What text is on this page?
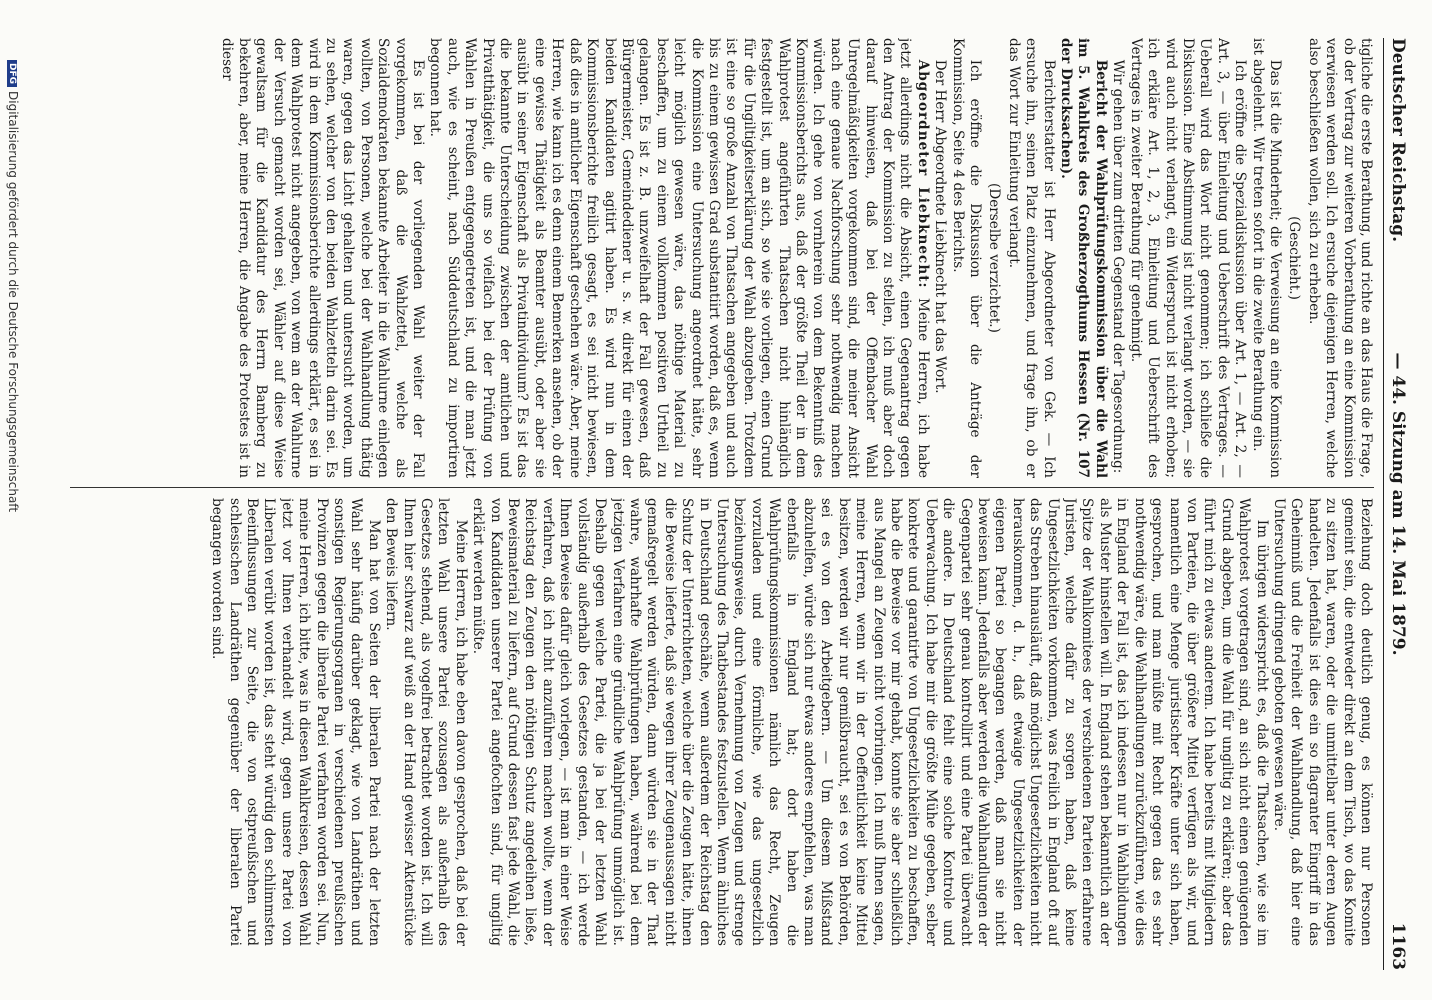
Deutscher Reichstag.
— 44. Sitzung am 14. Mai 1879.
1163

tigliche die erste Berathung, und richte an das Haus die Frage, ob der Vertrag zur weiteren Vorberathung an eine Kommission verwiesen werden soll. Ich ersuche diejenigen Herren, welche also beschließen wollen, sich zu erheben.

(Geschieht.)

Das ist die Minderheit; die Verweisung an eine Kommission ist abgelehnt. Wir treten sofort in die zweite Berathung ein.

Ich eröffne die Spezialdiskussion über Art. 1, — Art. 2, — Art. 3, — über Einleitung und Ueberschrift des Vertrages. — Ueberall wird das Wort nicht genommen; ich schließe die Diskussion. Eine Abstimmung ist nicht verlangt worden, — sie wird auch nicht verlangt, ein Widerspruch ist nicht erhoben; ich erkläre Art. 1, 2, 3, Einleitung und Ueberschrift des Vertrages in zweiter Berathung für genehmigt.

Wir gehen über zum dritten Gegenstand der Tagesordnung:

Bericht der Wahlprüfungskommission über die Wahl im 5. Wahlkreis des Großherzogthums Hessen (Nr. 107 der Drucksachen).

Berichterstatter ist Herr Abgeordneter von Gek. — Ich ersuche ihn, seinen Platz einzunehmen, und frage ihn, ob er das Wort zur Einleitung verlangt.

(Derselbe verzichtet.)

Ich eröffne die Diskussion über die Anträge der Kommission, Seite 4 des Berichts.

Der Herr Abgeordnete Liebknecht hat das Wort.

Abgeordneter Liebknecht: Meine Herren, ich habe jetzt allerdings nicht die Absicht, einen Gegenantrag gegen den Antrag der Kommission zu stellen, ich muß aber doch darauf hinweisen, daß bei der Offenbacher Wahl Unregelmäßigkeiten vorgekommen sind, die meiner Ansicht nach eine genaue Nachforschung sehr nothwendig machen würden. Ich gehe von vornherein von dem Bekenntniß des Kommissionsberichts aus, daß der größte Theil der in dem Wahlprotest angeführten Thatsachen nicht hinlänglich festgestellt ist, um an sich, so wie sie vorliegen, einen Grund für die Ungiltigkeitserklärung der Wahl abzugeben. Trotzdem ist eine so große Anzahl von Thatsachen angegeben und auch bis zu einem gewissen Grad substantiirt worden, daß es, wenn die Kommission eine Untersuchung angeordnet hätte, sehr leicht möglich gewesen wäre, das nöthige Material zu beschaffen, um zu einem vollkommen positiven Urtheil zu gelangen. Es ist z. B. unzweifelhaft der Fall gewesen, daß Bürgermeister, Gemeindediener u. s. w. direkt für einen der beiden Kandidaten agitirt haben. Es wird nun in dem Kommissionsberichte freilich gesagt, es sei nicht bewiesen, daß dies in amtlicher Eigenschaft geschehen wäre. Aber, meine Herren, wie kann ich es denn einem Bemerken ansehen, ob der eine gewisse Thätigkeit als Beamter ausübt, oder aber sie ausübt in seiner Eigenschaft als Privatindividuum? Es ist das die bekannte Unterscheidung zwischen der amtlichen und Privatthätigkeit, die uns so vielfach bei der Prüfung von Wahlen in Preußen entgegengetreten ist, und die man jetzt auch, wie es scheint, nach Süddeutschland zu importiren begonnen hat.

Es ist bei der vorliegenden Wahl weiter der Fall vorgekommen, daß die Wahlzettel, welche als Sozialdemokraten bekannte Arbeiter in die Wahlurne einlegen wollten, von Personen, welche bei der Wahlhandlung thätig waren, gegen das Licht gehalten und untersucht worden, um zu sehen, welcher von den beiden Wahlzetteln darin sei. Es wird in dem Kommissionsberichte allerdings erklärt, es sei in dem Wahlprotest nicht angegeben, von wem an der Wahlurne der Versuch gemacht worden sei, Wähler auf diese Weise gewaltsam für die Kandidatur des Herrn Bamberg zu bekehren, aber, meine Herren, die Angabe des Protestes ist in dieser

Beziehung doch deutlich genug, es können nur Personen gemeint sein, die entweder direkt an dem Tisch, wo das Komite zu sitzen hat, waren, oder die unmittelbar unter deren Augen handelten. Jedenfalls ist dies ein so flagranter Eingriff in das Geheimniß und die Freiheit der Wahlhandlung, daß hier eine Untersuchung dringend geboten gewesen wäre.

Im übrigen widerspricht es, daß die Thatsachen, wie sie im Wahlprotest vorgetragen sind, an sich nicht einen genügenden Grund abgeben, um die Wahl für ungiltig zu erklären; aber das führt mich zu etwas anderem. Ich habe bereits mit Mitgliedern von Parteien, die über größere Mittel verfügen als wir, und namentlich eine Menge juristischer Kräfte unter sich haben, gesprochen, und man müßte mit Recht gegen das es sehr nothwendig wäre, die Wahlhandlungen zurückzuführen, wie dies in England der Fall ist, das ich indessen nur in Wahlbildungen als Muster hinstellen will. In England stehen bekanntlich an der Spitze der Wahlkomitees der verschiedenen Parteien erfahrene Juristen, welche dafür zu sorgen haben, daß keine Ungesetzlichkeiten vorkommen, was freilich in England oft auf das Streben hinausläuft, daß möglichst Ungesetzlichkeiten nicht herauskommen, d. h., daß etwaige Ungesetzlichkeiten der eigenen Partei so begangen werden, daß man sie nicht beweisen kann. Jedenfalls aber werden die Wahlhandlungen der Gegenpartei sehr genau kontrollirt und eine Partei überwacht die andere. In Deutschland fehlt eine solche Kontrole und Ueberwachung. Ich habe mir die größte Mühe gegeben, selber konkrete und garantirte von Ungesetzlichkeiten zu beschaffen, habe die Beweise vor mir gehabt, konnte sie aber schließlich aus Mangel an Zeugen nicht vorbringen. Ich muß Ihnen sagen, meine Herren, wenn wir in der Oeffentlichkeit keine Mittel besitzen, werden wir nur gemißbraucht, sei es von Behörden, sei es von den Arbeitgebern. — Um diesem Mißstand abzuhelfen, würde sich nur etwas anderes empfehlen, was man ebenfalls in England hat; dort haben die Wahlprüfungskommissionen nämlich das Recht, Zeugen vorzuladen und eine förmliche, wie das ungesetzlich beziehungsweise, durch Vernehmung von Zeugen und strenge Untersuchung des Thatbestandes festzustellen. Wenn ähnliches in Deutschland geschähe, wenn außerdem der Reichstag den Schutz der Unterrichteten, welche über die Zeugen hätte, ihnen die Beweise lieferte, daß sie wegen ihrer Zeugenaussagen nicht gemaßregelt werden würden, dann würden sie in der That wahre, wahrhafte Wahlprüfungen haben, während bei dem jetzigen Verfahren eine gründliche Wahlprüfung unmöglich ist. Deshalb gegen welche Partei, die ja bei der letzten Wahl vollständig außerhalb des Gesetzes gestanden, — ich werde Ihnen Beweise dafür gleich vorlegen, — ist man in einer Weise verfahren, daß ich nicht anzuführen machen wollte, wenn der Reichstag den Zeugen den nöthigen Schutz angedeihen ließe, Beweismaterial zu liefern, auf Grund dessen fast jede Wahl, die von Kandidaten unserer Partei angefochten sind, für ungiltig erklärt werden müßte.

Meine Herren, ich habe eben davon gesprochen, daß bei der letzten Wahl unsere Partei sozusagen als außerhalb des Gesetzes stehend, als vogelfrei betrachtet worden ist. Ich will Ihnen hier schwarz auf weiß an der Hand gewisser Aktenstücke den Beweis liefern.

Man hat von Seiten der liberalen Partei nach der letzten Wahl sehr häufig darüber geklagt, wie von Landräthen und sonstigen Regierungsorganen in verschiedenen preußischen Provinzen gegen die liberale Partei verfahren worden sei. Nun, meine Herren, ich bitte, was in diesen Wahlkreisen, dessen Wahl jetzt vor Ihnen verhandelt wird, gegen unsere Partei von Liberalen verübt worden ist, das steht würdig den schlimmsten Beeinflussungen zur Seite, die von ostpreußischen und schlesischen Landräthen gegenüber der liberalen Partei begangen worden sind.

DFGDigitalisierung gefördert durch die Deutsche Forschungsgemeinschaft
